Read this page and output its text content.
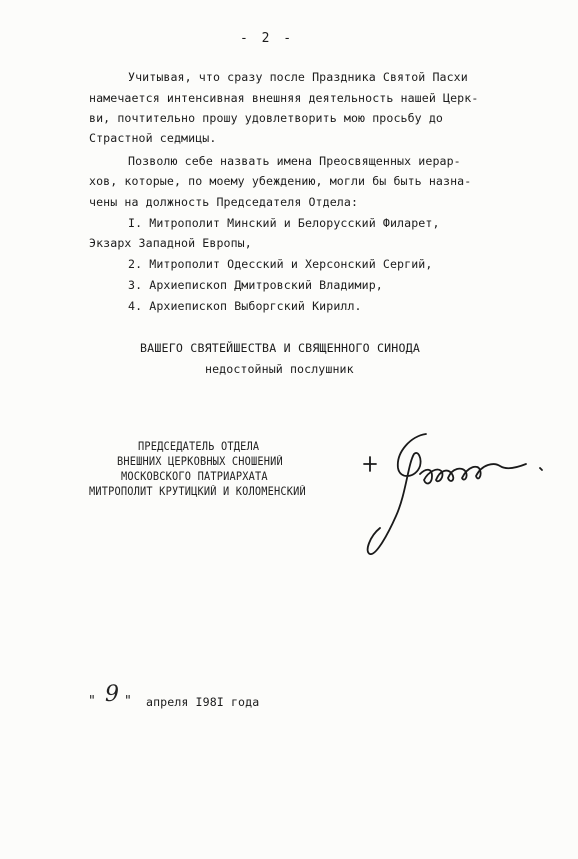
- 2 -
Учитывая, что сразу после Праздника Святой Пасхи
намечается интенсивная внешняя деятельность нашей Церк-
ви, почтительно прошу удовлетворить мою просьбу до
Страстной седмицы.
Позволю себе назвать имена Преосвященных иерар-
хов, которые, по моему убеждению, могли бы быть назна-
чены на должность Председателя Отдела:
I. Митрополит Минский и Белорусский Филарет,
Экзарх Западной Европы,
2. Митрополит Одесский и Херсонский Сергий,
3. Архиепископ Дмитровский Владимир,
4. Архиепископ Выборгский Кирилл.
ВАШЕГО СВЯТЕЙШЕСТВА И СВЯЩЕННОГО СИНОДА
недостойный послушник
ПРЕДСЕДАТЕЛЬ ОТДЕЛА
ВНЕШНИХ ЦЕРКОВНЫХ СНОШЕНИЙ
МОСКОВСКОГО ПАТРИАРХАТА
МИТРОПОЛИТ КРУТИЦКИЙ И КОЛОМЕНСКИЙ
" 9 " апреля I98I года
